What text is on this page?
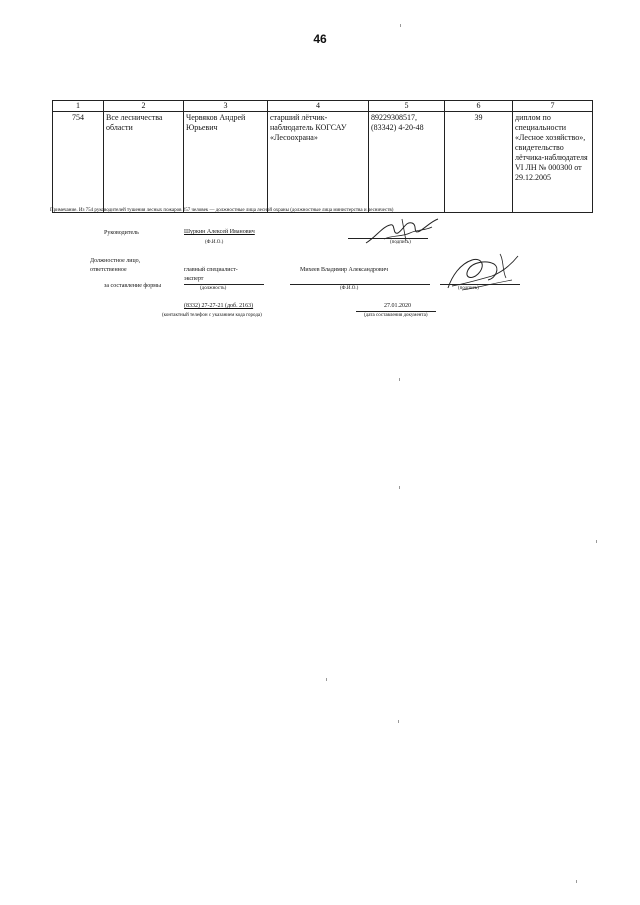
46
1	2	3	4	5	6	7
754	Все лесничества области	Червяков Андрей Юрьевич	старший лётчик-наблюдатель КОГСАУ «Лесоохрана»	89229308517, (83342) 4-20-48	39	диплом по специальности «Лесное хозяйство», свидетельство лётчика-наблюдателя VI ЛН № 000300 от 29.12.2005
Примечание. Из 754 руководителей тушения лесных пожаров 257 человек — должностные лица лесной охраны (должностные лица министерства и лесничеств)
Руководитель	Шуркин Алексей Иванович
(Ф.И.О.)	(подпись)
Должностное лицо,
ответственное
за составление формы
главный специалист-
эксперт
(должность)
Михеев Владимир Александрович
(Ф.И.О.)	(подпись)
(8332) 27-27-21 (доб. 2163)
(контактный телефон с указанием кода города)
27.01.2020
(дата составления документа)
